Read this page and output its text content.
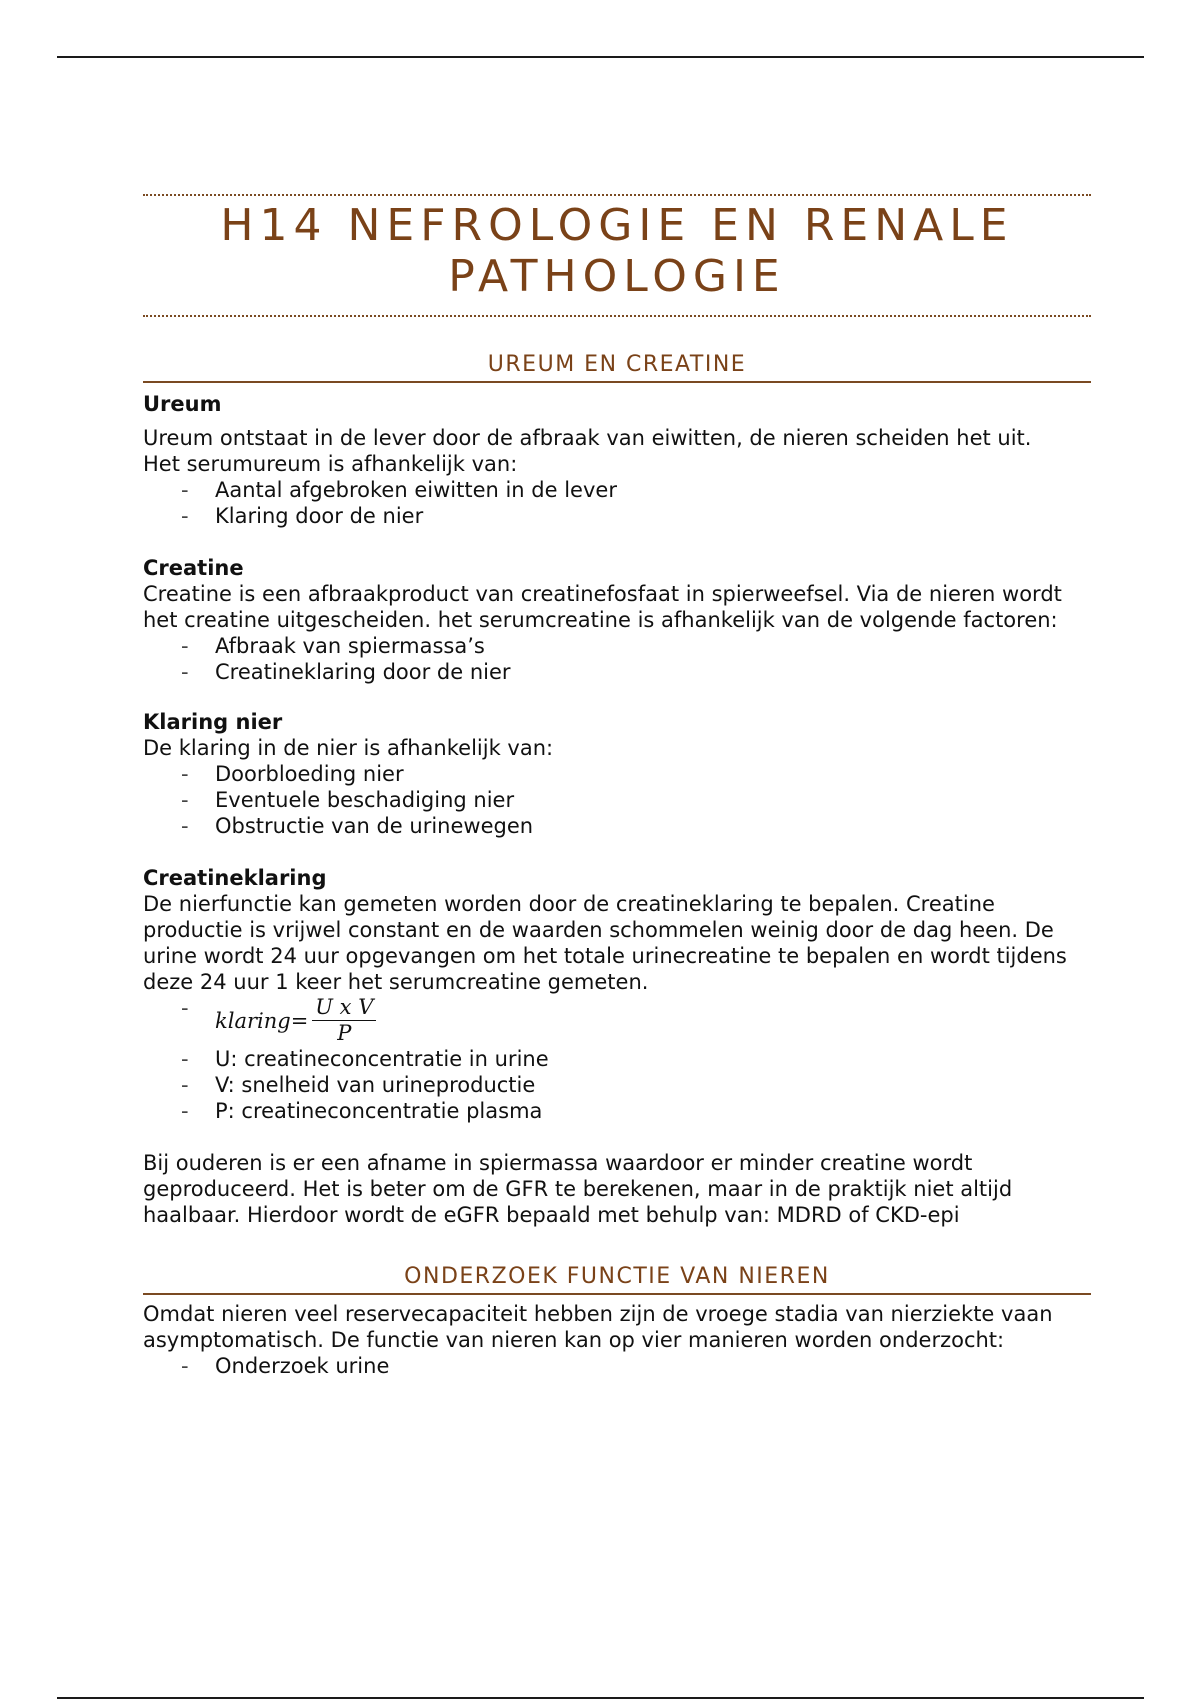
H14 NEFROLOGIE EN RENALE
PATHOLOGIE
UREUM EN CREATINE
Ureum
Ureum ontstaat in de lever door de afbraak van eiwitten, de nieren scheiden het uit.
Het serumureum is afhankelijk van:
- Aantal afgebroken eiwitten in de lever
- Klaring door de nier
Creatine
Creatine is een afbraakproduct van creatinefosfaat in spierweefsel. Via de nieren wordt het creatine uitgescheiden. het serumcreatine is afhankelijk van de volgende factoren:
- Afbraak van spiermassa’s
- Creatineklaring door de nier
Klaring nier
De klaring in de nier is afhankelijk van:
- Doorbloeding nier
- Eventuele beschadiging nier
- Obstructie van de urinewegen
Creatineklaring
De nierfunctie kan gemeten worden door de creatineklaring te bepalen. Creatine productie is vrijwel constant en de waarden schommelen weinig door de dag heen. De urine wordt 24 uur opgevangen om het totale urinecreatine te bepalen en wordt tijdens deze 24 uur 1 keer het serumcreatine gemeten.
- klaring = $\frac{\text{U x V}}{P}$
- U: creatineconcentratie in urine
- V: snelheid van urineproductie
- P: creatineconcentratie plasma
Bij ouderen is er een afname in spiermassa waardoor er minder creatine wordt geproduceerd. Het is beter om de GFR te berekenen, maar in de praktijk niet altijd haalbaar. Hierdoor wordt de eGFR bepaald met behulp van: MDRD of CKD-epi
ONDERZOEK FUNCTIE VAN NIEREN
Omdat nieren veel reservecapaciteit hebben zijn de vroege stadia van nierziekte vaan asymptomatisch. De functie van nieren kan op vier manieren worden onderzocht:
- Onderzoek urine
